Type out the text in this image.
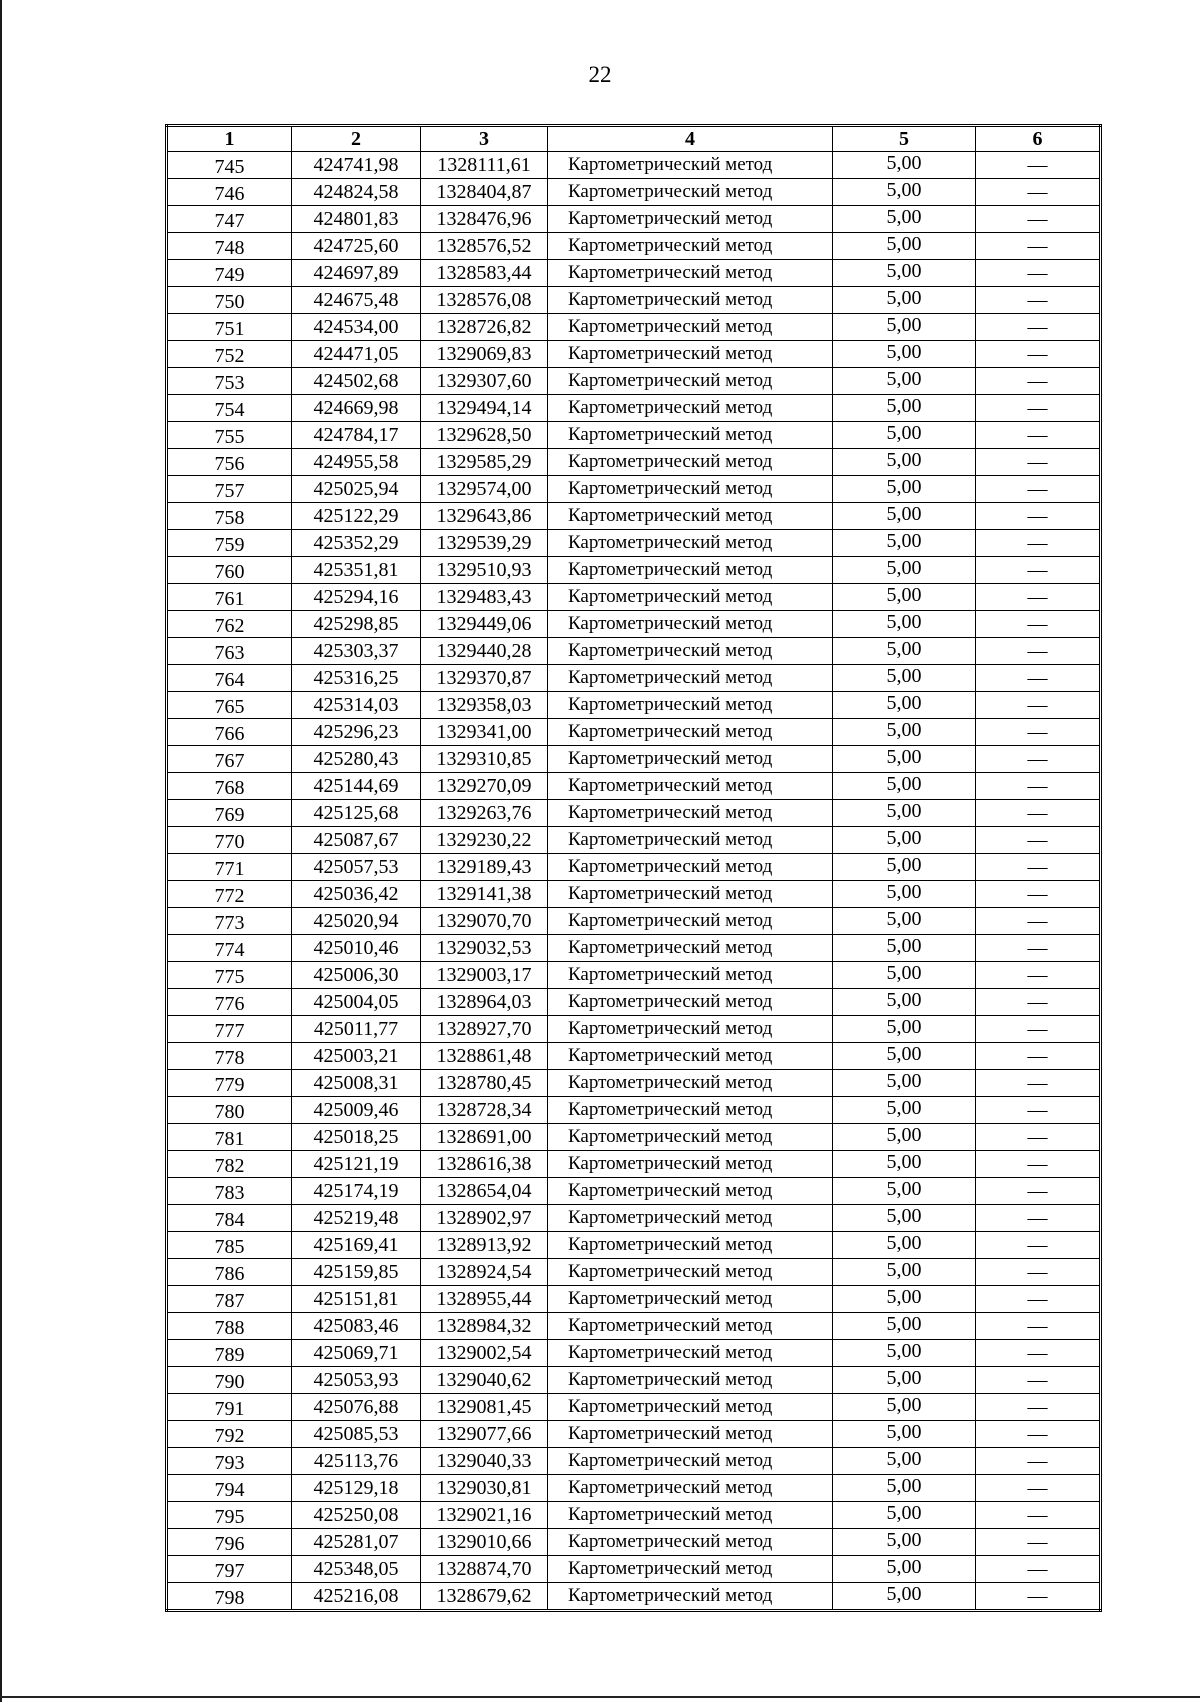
22
1	2	3	4	5	6
745	424741,98	1328111,61	Картометрический метод	5,00	—
746	424824,58	1328404,87	Картометрический метод	5,00	—
747	424801,83	1328476,96	Картометрический метод	5,00	—
748	424725,60	1328576,52	Картометрический метод	5,00	—
749	424697,89	1328583,44	Картометрический метод	5,00	—
750	424675,48	1328576,08	Картометрический метод	5,00	—
751	424534,00	1328726,82	Картометрический метод	5,00	—
752	424471,05	1329069,83	Картометрический метод	5,00	—
753	424502,68	1329307,60	Картометрический метод	5,00	—
754	424669,98	1329494,14	Картометрический метод	5,00	—
755	424784,17	1329628,50	Картометрический метод	5,00	—
756	424955,58	1329585,29	Картометрический метод	5,00	—
757	425025,94	1329574,00	Картометрический метод	5,00	—
758	425122,29	1329643,86	Картометрический метод	5,00	—
759	425352,29	1329539,29	Картометрический метод	5,00	—
760	425351,81	1329510,93	Картометрический метод	5,00	—
761	425294,16	1329483,43	Картометрический метод	5,00	—
762	425298,85	1329449,06	Картометрический метод	5,00	—
763	425303,37	1329440,28	Картометрический метод	5,00	—
764	425316,25	1329370,87	Картометрический метод	5,00	—
765	425314,03	1329358,03	Картометрический метод	5,00	—
766	425296,23	1329341,00	Картометрический метод	5,00	—
767	425280,43	1329310,85	Картометрический метод	5,00	—
768	425144,69	1329270,09	Картометрический метод	5,00	—
769	425125,68	1329263,76	Картометрический метод	5,00	—
770	425087,67	1329230,22	Картометрический метод	5,00	—
771	425057,53	1329189,43	Картометрический метод	5,00	—
772	425036,42	1329141,38	Картометрический метод	5,00	—
773	425020,94	1329070,70	Картометрический метод	5,00	—
774	425010,46	1329032,53	Картометрический метод	5,00	—
775	425006,30	1329003,17	Картометрический метод	5,00	—
776	425004,05	1328964,03	Картометрический метод	5,00	—
777	425011,77	1328927,70	Картометрический метод	5,00	—
778	425003,21	1328861,48	Картометрический метод	5,00	—
779	425008,31	1328780,45	Картометрический метод	5,00	—
780	425009,46	1328728,34	Картометрический метод	5,00	—
781	425018,25	1328691,00	Картометрический метод	5,00	—
782	425121,19	1328616,38	Картометрический метод	5,00	—
783	425174,19	1328654,04	Картометрический метод	5,00	—
784	425219,48	1328902,97	Картометрический метод	5,00	—
785	425169,41	1328913,92	Картометрический метод	5,00	—
786	425159,85	1328924,54	Картометрический метод	5,00	—
787	425151,81	1328955,44	Картометрический метод	5,00	—
788	425083,46	1328984,32	Картометрический метод	5,00	—
789	425069,71	1329002,54	Картометрический метод	5,00	—
790	425053,93	1329040,62	Картометрический метод	5,00	—
791	425076,88	1329081,45	Картометрический метод	5,00	—
792	425085,53	1329077,66	Картометрический метод	5,00	—
793	425113,76	1329040,33	Картометрический метод	5,00	—
794	425129,18	1329030,81	Картометрический метод	5,00	—
795	425250,08	1329021,16	Картометрический метод	5,00	—
796	425281,07	1329010,66	Картометрический метод	5,00	—
797	425348,05	1328874,70	Картометрический метод	5,00	—
798	425216,08	1328679,62	Картометрический метод	5,00	—
